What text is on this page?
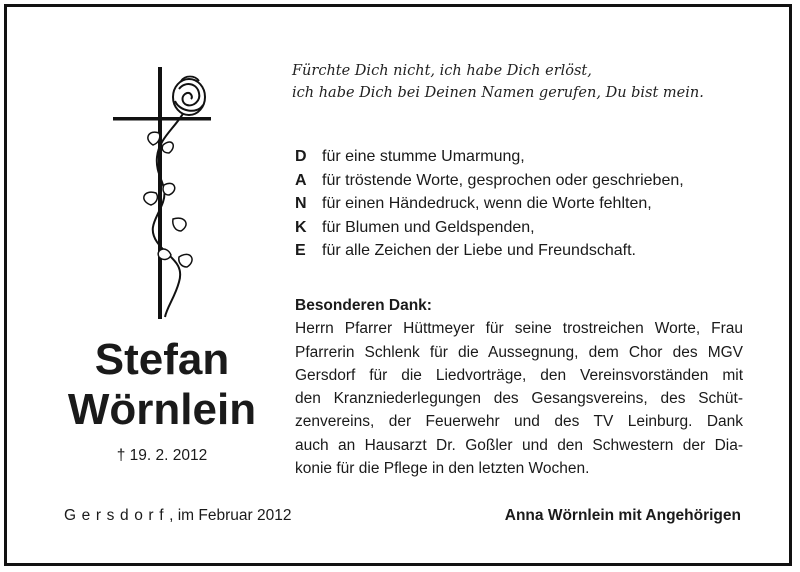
Fürchte Dich nicht, ich habe Dich erlöst,
ich habe Dich bei Deinen Namen gerufen, Du bist mein.
D für eine stumme Umarmung,
A für tröstende Worte, gesprochen oder geschrieben,
N für einen Händedruck, wenn die Worte fehlten,
K für Blumen und Geldspenden,
E	für alle Zeichen der Liebe und Freundschaft.
Besonderen Dank:
Herrn Pfarrer Hüttmeyer für seine trostreichen Worte, Frau
Pfarrerin Schlenk für die Aussegnung, dem Chor des MGV
Gersdorf für die Liedvorträge, den Vereinsvorständen mit
den Kranzniederlegungen des Gesangsvereins, des Schüt-
zenvereins, der Feuerwehr und des TV Leinburg. Dank
auch an Hausarzt Dr. Goßler und den Schwestern der Dia-
konie für die Pflege in den letzten Wochen.
Stefan
Wörnlein
† 19. 2. 2012
Gersdorf, im Februar 2012	Anna Wörnlein mit Angehörigen
